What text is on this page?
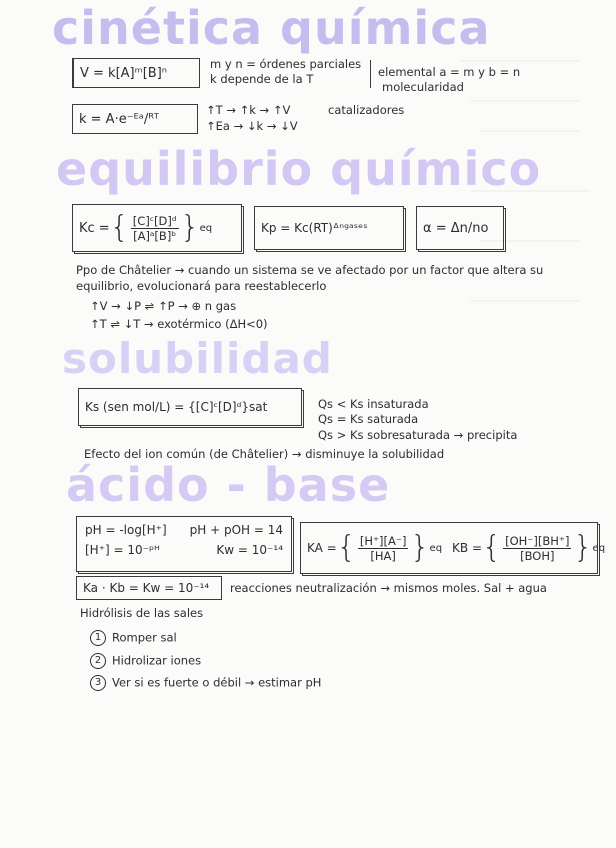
cinética química
V = k[A]ᵐ[B]ⁿ
m y n = órdenes parciales
k depende de la T	elemental a = m y b = n
molecularidad
k = A·e⁻ᴱᵃ/ᴿᵀ
↑T → ↑k → ↑V
↑Ea → ↓k → ↓V
catalizadores
equilibrio químico
Kc = { $\frac{\text{[C]ᶜ[D]ᵈ}}{\text{[A]ᵃ[B]ᵇ}}$ } eq	Kp = Kc(RT)ᐞⁿᵍᵃˢᵉˢ	α = Δn/no
Ppo de Châtelier → cuando un sistema se ve afectado por un factor que altera su
equilibrio, evolucionará para reestablecerlo
↑V → ↓P ⇌ ↑P → ⊕ n gas
↑T ⇌ ↓T → exotérmico (ΔH<0)
solubilidad
Ks (sen mol/L) = {[C]ᶜ[D]ᵈ}sat	Qs < Ks insaturada
Qs = Ks saturada
Qs > Ks sobresaturada → precipita
Efecto del ion común (de Châtelier) → disminuye la solubilidad
ácido - base
pH = -log[H⁺] pH + pOH = 14
[H⁺] = 10⁻ᵖᴴ	Kw = 10⁻¹⁴ KA = { $\frac{[H^+][A^-]}{[HA]}$ } eq KB = { $\frac{[OH^-][BH^+]}{\text{[BOH]}}$ } eq
Ka · Kb = Kw = 10⁻¹⁴ reacciones neutralización → mismos moles. Sal + agua
Hidrólisis de las sales
1 Romper sal
2 Hidrolizar iones
3 Ver si es fuerte o débil → estimar pH
